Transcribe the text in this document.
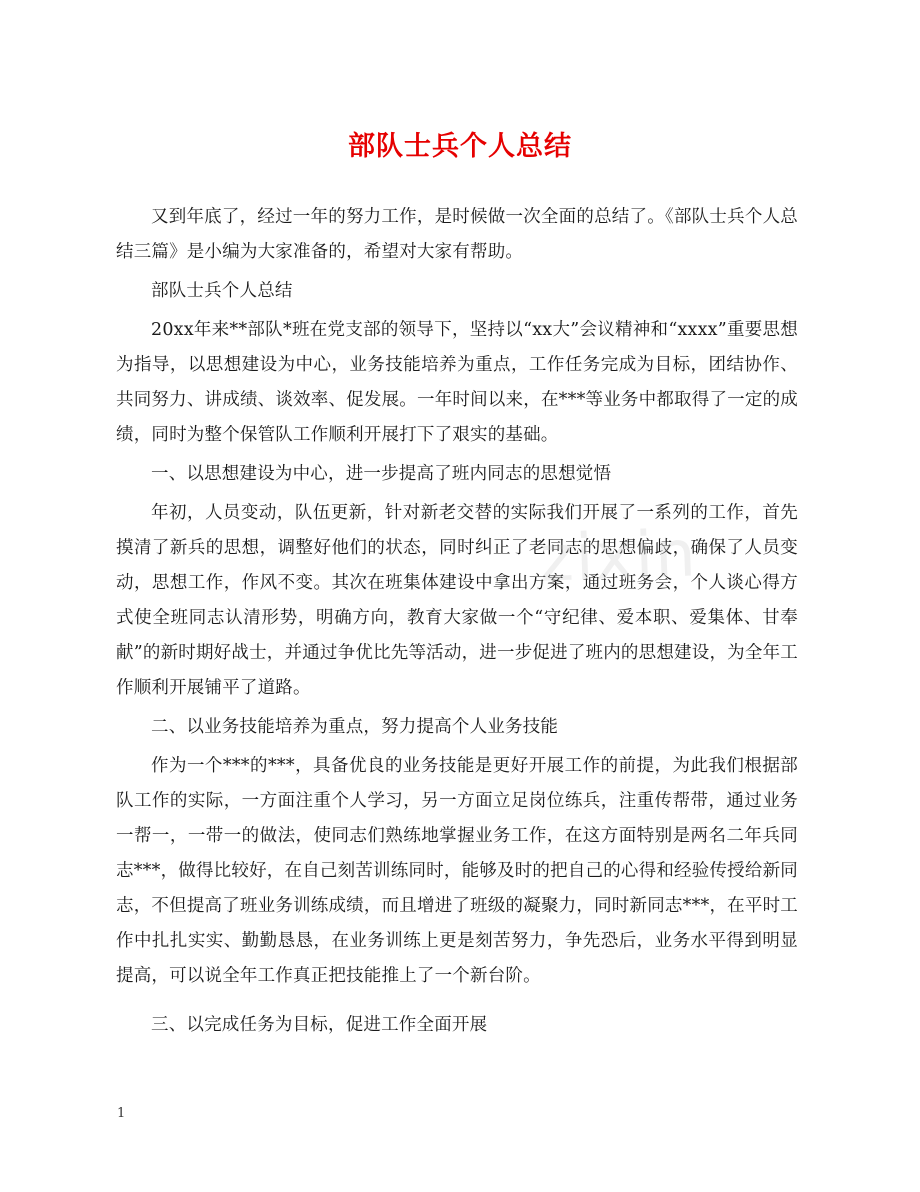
部队士兵个人总结

又到年底了，经过一年的努力工作，是时候做一次全面的总结了。《部队士兵个人总结三篇》是小编为大家准备的，希望对大家有帮助。

部队士兵个人总结

20xx年来**部队*班在党支部的领导下，坚持以“xx大”会议精神和“xxxx”重要思想为指导，以思想建设为中心，业务技能培养为重点，工作任务完成为目标，团结协作、共同努力、讲成绩、谈效率、促发展。一年时间以来，在***等业务中都取得了一定的成绩，同时为整个保管队工作顺利开展打下了艰实的基础。

一、以思想建设为中心，进一步提高了班内同志的思想觉悟

年初，人员变动，队伍更新，针对新老交替的实际我们开展了一系列的工作，首先摸清了新兵的思想，调整好他们的状态，同时纠正了老同志的思想偏歧，确保了人员变动，思想工作，作风不变。其次在班集体建设中拿出方案，通过班务会，个人谈心得方式使全班同志认清形势，明确方向，教育大家做一个“守纪律、爱本职、爱集体、甘奉献”的新时期好战士，并通过争优比先等活动，进一步促进了班内的思想建设，为全年工作顺利开展铺平了道路。

二、以业务技能培养为重点，努力提高个人业务技能

作为一个***的***，具备优良的业务技能是更好开展工作的前提，为此我们根据部队工作的实际，一方面注重个人学习，另一方面立足岗位练兵，注重传帮带，通过业务一帮一，一带一的做法，使同志们熟练地掌握业务工作，在这方面特别是两名二年兵同志***，做得比较好，在自己刻苦训练同时，能够及时的把自己的心得和经验传授给新同志，不但提高了班业务训练成绩，而且增进了班级的凝聚力，同时新同志***，在平时工作中扎扎实实、勤勤恳恳，在业务训练上更是刻苦努力，争先恐后，业务水平得到明显提高，可以说全年工作真正把技能推上了一个新台阶。

三、以完成任务为目标，促进工作全面开展

zixin
1
